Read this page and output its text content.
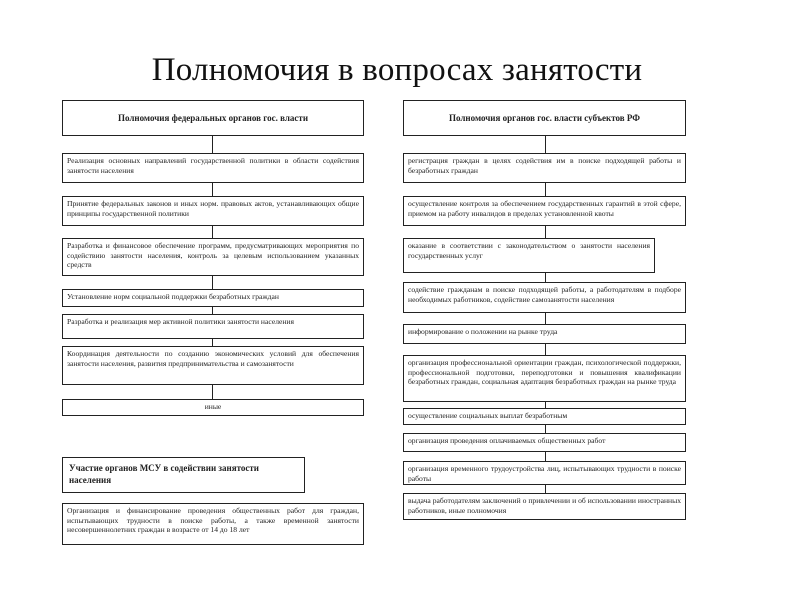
Полномочия в вопросах занятости
Полномочия федеральных органов гос. власти
Реализация основных направлений государственной политики в области содействия занятости населения
Принятие федеральных законов и иных норм. правовых актов, устанавливающих общие принципы государственной политики
Разработка и финансовое обеспечение программ, предусматривающих мероприятия по содействию занятости населения, контроль за целевым использованием указанных средств
Установление норм социальной поддержки безработных граждан
Разработка и реализация мер активной политики занятости населения
Координация деятельности по созданию экономических условий для обеспечения занятости населения, развития предпринимательства и самозанятости
иные
Участие органов МСУ в содействии занятости населения
Организация и финансирование проведения общественных работ для граждан, испытывающих трудности в поиске работы, а также временной занятости несовершеннолетних граждан в возрасте от 14 до 18 лет
Полномочия органов гос. власти субъектов РФ
регистрация граждан в целях содействия им в поиске подходящей работы и безработных граждан
осуществление контроля за обеспечением государственных гарантий в этой сфере, приемом на работу инвалидов в пределах установленной квоты
оказание в соответствии с законодательством о занятости населения государственных услуг
содействие гражданам в поиске подходящей работы, а работодателям в подборе необходимых работников, содействие самозанятости населения
информирование о положении на рынке труда
организация профессиональной ориентации граждан, психологической поддержки, профессиональной подготовки, переподготовки и повышения квалификации безработных граждан, социальная адаптация безработных граждан на рынке труда
осуществление социальных выплат безработным
организация проведения оплачиваемых общественных работ
организация временного трудоустройства лиц, испытывающих трудности в поиске работы
выдача работодателям заключений о привлечении и об использовании иностранных работников, иные полномочия
